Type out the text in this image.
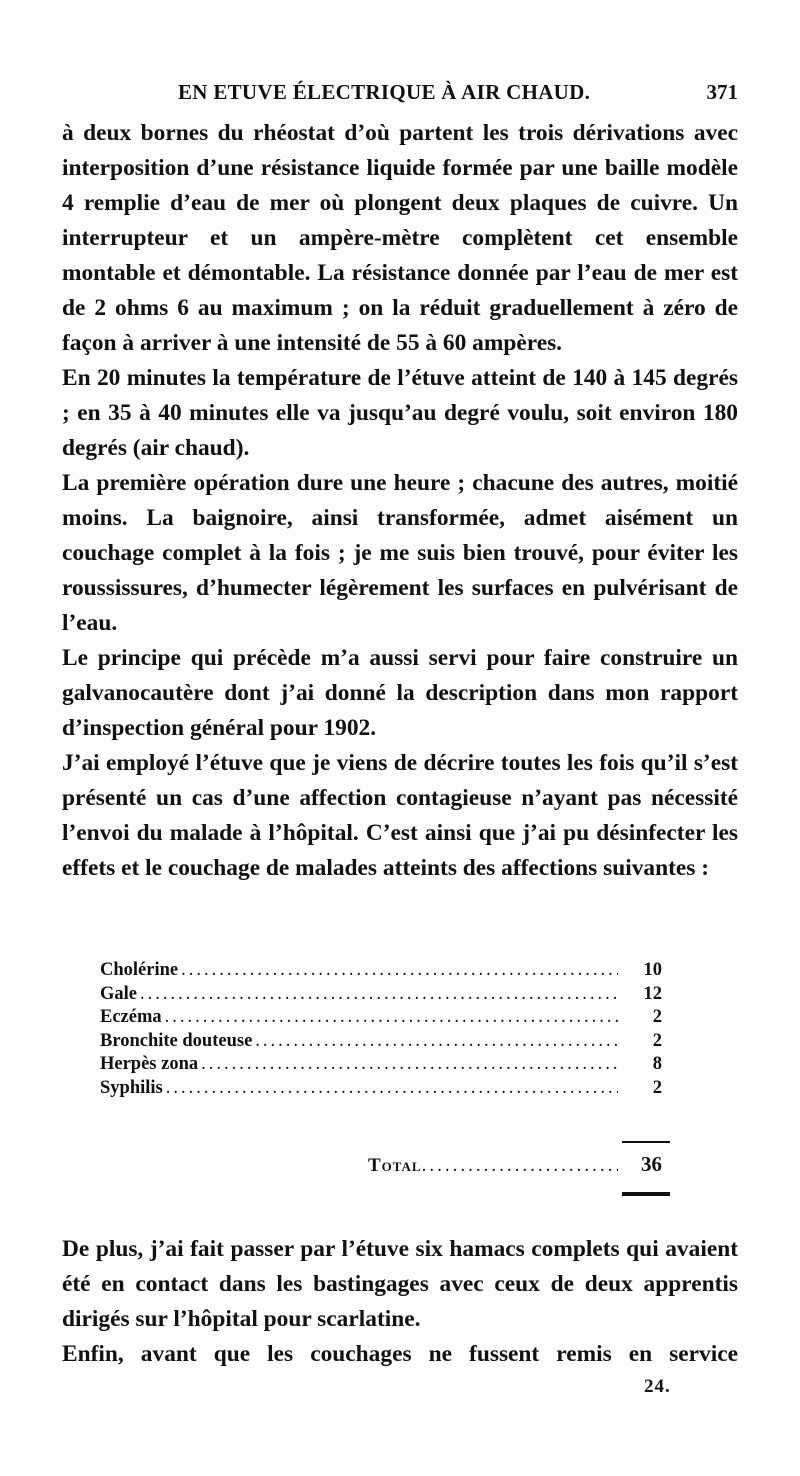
EN ETUVE ÉLECTRIQUE À AIR CHAUD.	371

à deux bornes du rhéostat d’où partent les trois dérivations avec interposition d’une résistance liquide formée par une baille modèle 4 remplie d’eau de mer où plongent deux plaques de cuivre. Un interrupteur et un ampère-mètre complètent cet ensemble montable et démontable. La résistance donnée par l’eau de mer est de 2 ohms 6 au maximum ; on la réduit graduellement à zéro de façon à arriver à une intensité de 55 à 60 ampères.

En 20 minutes la température de l’étuve atteint de 140 à 145 degrés ; en 35 à 40 minutes elle va jusqu’au degré voulu, soit environ 180 degrés (air chaud).

La première opération dure une heure ; chacune des autres, moitié moins. La baignoire, ainsi transformée, admet aisément un couchage complet à la fois ; je me suis bien trouvé, pour éviter les roussissures, d’humecter légèrement les surfaces en pulvérisant de l’eau.

Le principe qui précède m’a aussi servi pour faire construire un galvanocautère dont j’ai donné la description dans mon rapport d’inspection général pour 1902.

J’ai employé l’étuve que je viens de décrire toutes les fois qu’il s’est présenté un cas d’une affection contagieuse n’ayant pas nécessité l’envoi du malade à l’hôpital. C’est ainsi que j’ai pu désinfecter les effets et le couchage de malades atteints des affections suivantes :

Cholérine .....	10
Gale .....	12
Eczéma .....	2
Bronchite douteuse .....	2
Herpès zona .....	8
Syphilis .....	2
Total .....	36

De plus, j’ai fait passer par l’étuve six hamacs complets qui avaient été en contact dans les bastingages avec ceux de deux apprentis dirigés sur l’hôpital pour scarlatine.

Enfin, avant que les couchages ne fussent remis en service

24.
